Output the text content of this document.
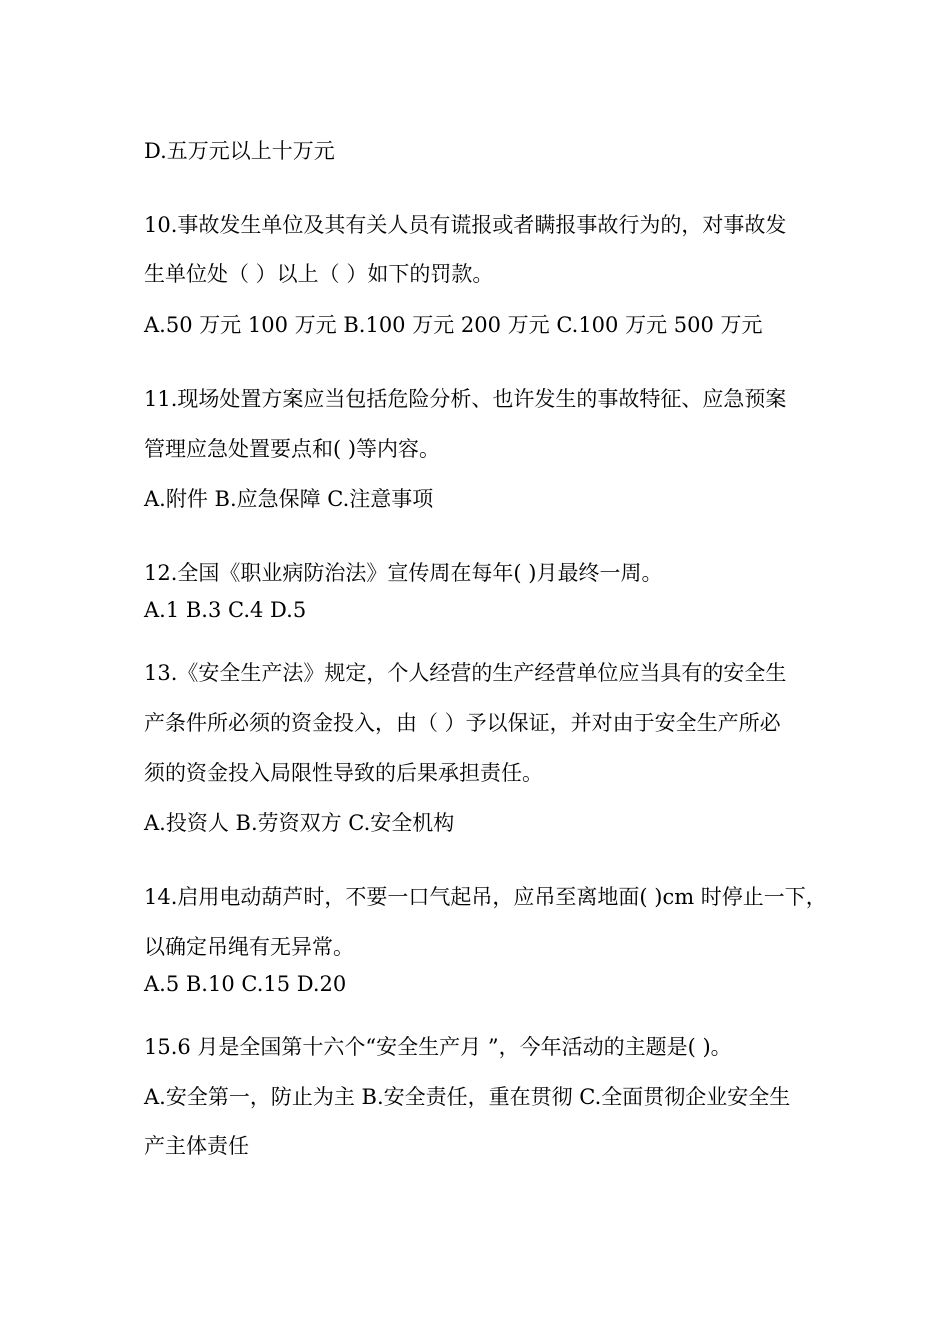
D.五万元以上十万元
10.事故发生单位及其有关人员有谎报或者瞒报事故行为的，对事故发
生单位处（ ）以上（ ）如下的罚款。
A.50 万元 100 万元 B.100 万元 200 万元 C.100 万元 500 万元
11.现场处置方案应当包括危险分析、也许发生的事故特征、应急预案
管理应急处置要点和( )等内容。
A.附件 B.应急保障 C.注意事项
12.全国《职业病防治法》宣传周在每年( )月最终一周。
A.1 B.3 C.4 D.5
13.《安全生产法》规定，个人经营的生产经营单位应当具有的安全生
产条件所必须的资金投入，由（ ）予以保证，并对由于安全生产所必
须的资金投入局限性导致的后果承担责任。
A.投资人 B.劳资双方 C.安全机构
14.启用电动葫芦时，不要一口气起吊，应吊至离地面( )cm 时停止一下，
以确定吊绳有无异常。
A.5 B.10 C.15 D.20
15.6 月是全国第十六个“安全生产月 ”，今年活动的主题是( )。
A.安全第一，防止为主 B.安全责任，重在贯彻 C.全面贯彻企业安全生
产主体责任
